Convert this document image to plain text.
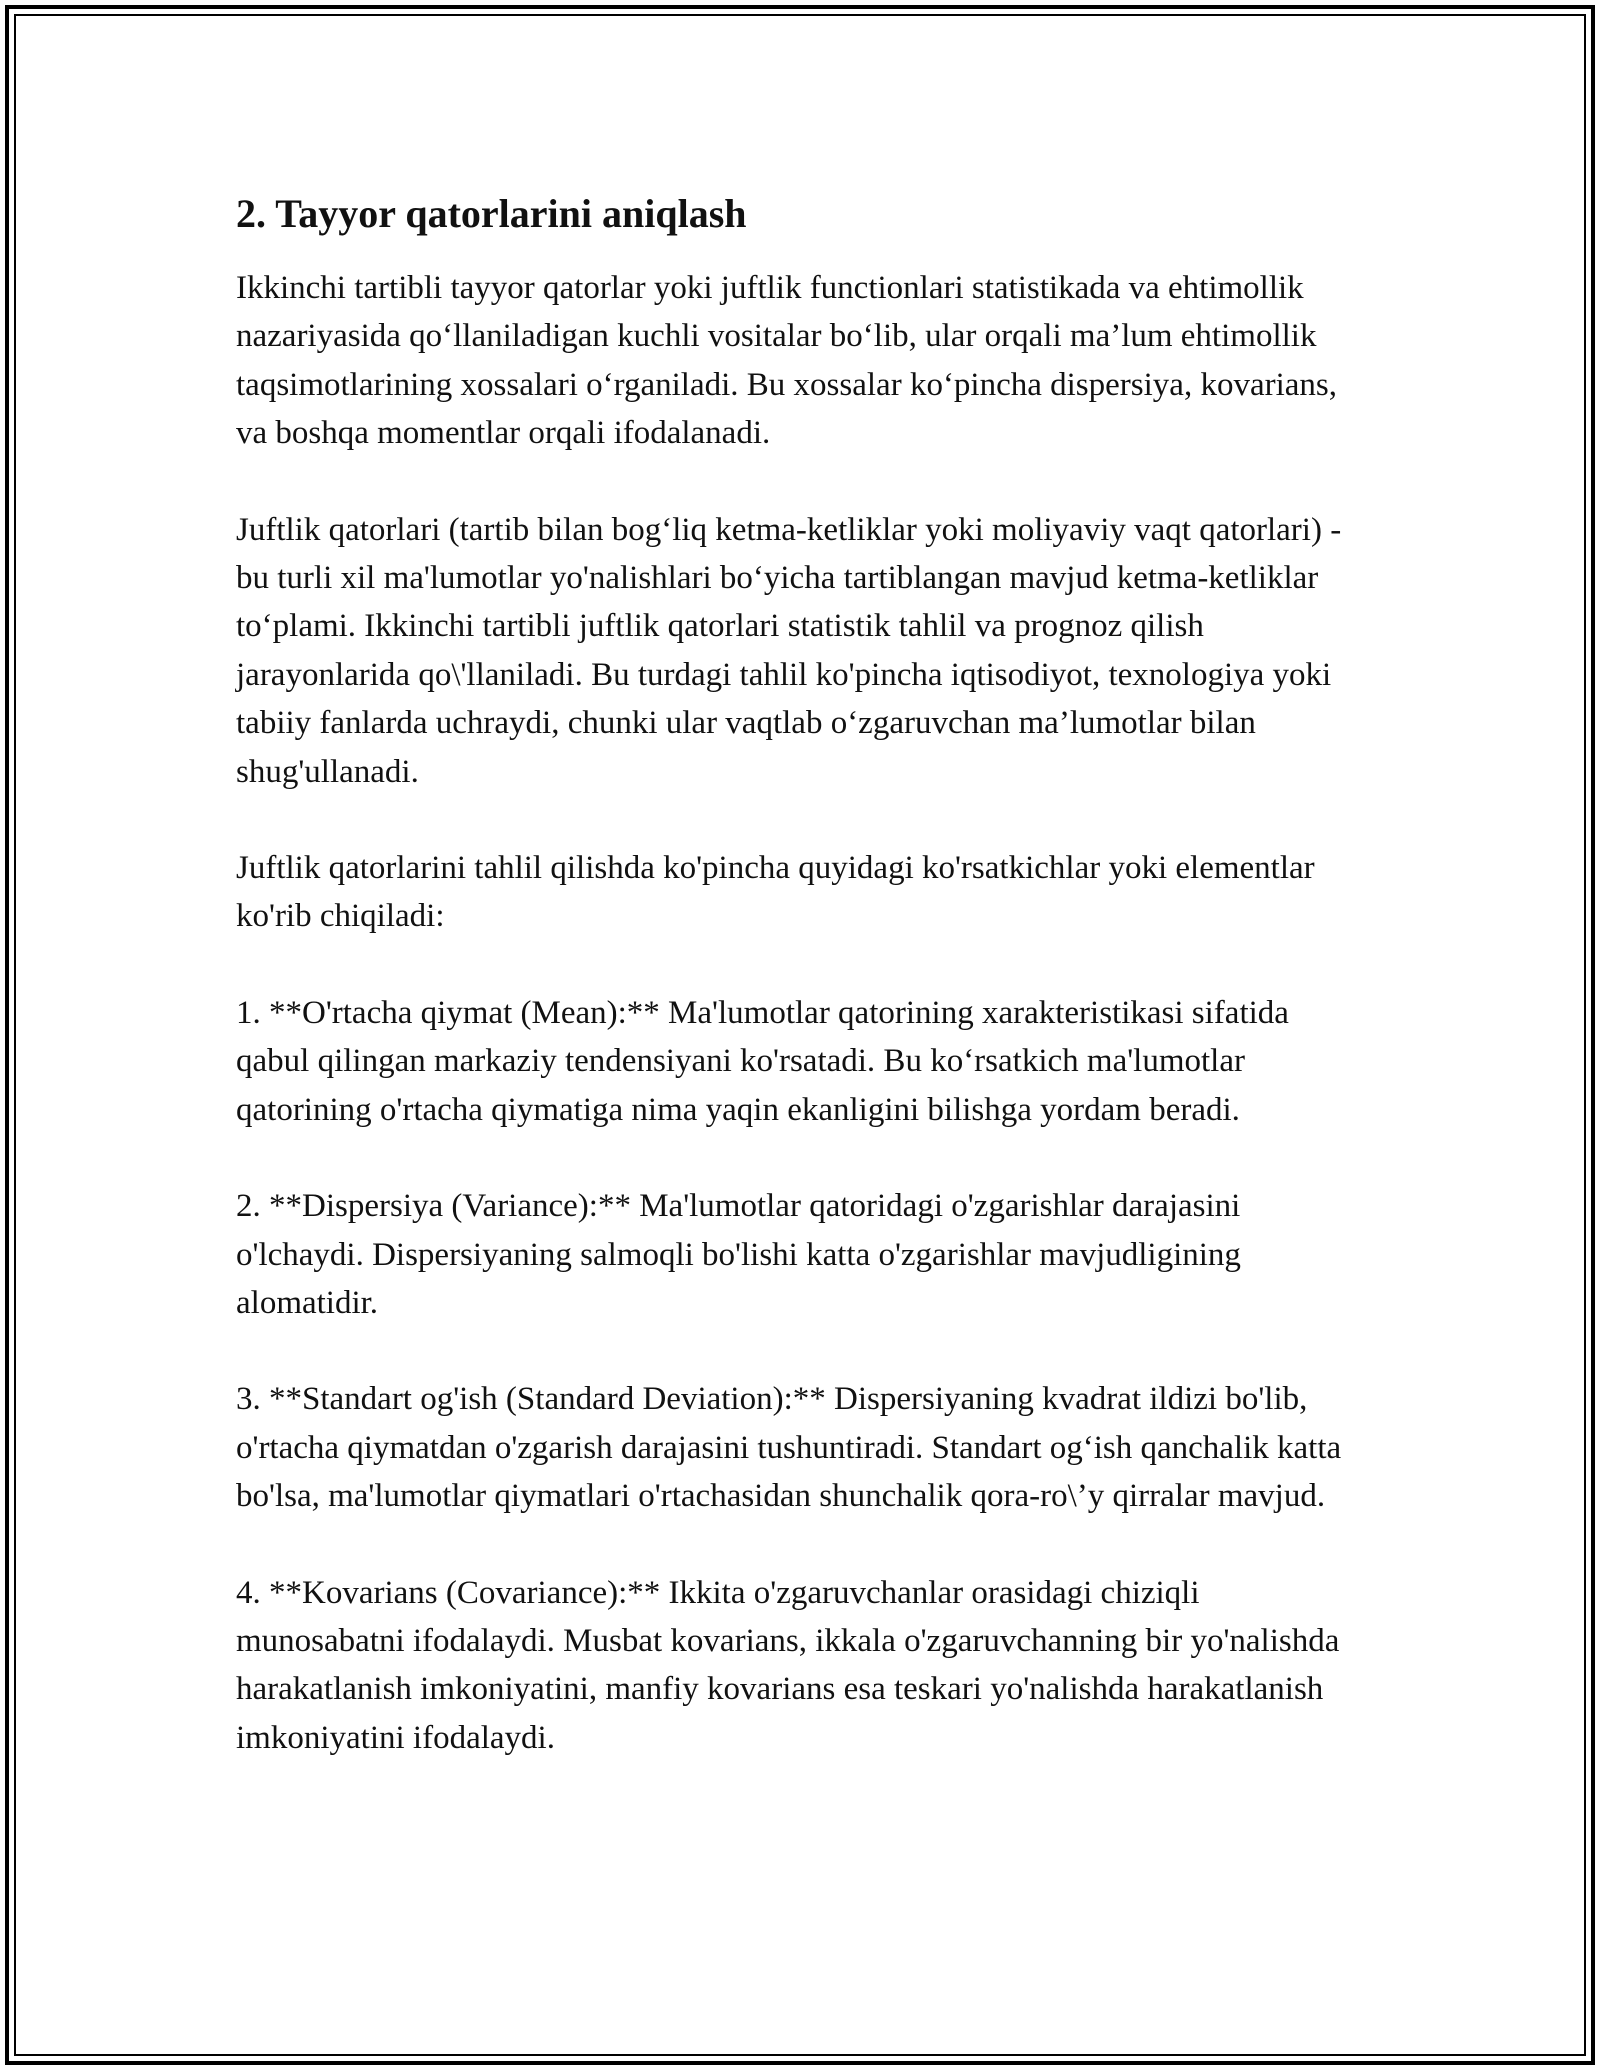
2. Tayyor qatorlarini aniqlash

Ikkinchi tartibli tayyor qatorlar yoki juftlik functionlari statistikada va ehtimollik nazariyasida qo‘llaniladigan kuchli vositalar bo‘lib, ular orqali ma’lum ehtimollik taqsimotlarining xossalari o‘rganiladi. Bu xossalar ko‘pincha dispersiya, kovarians, va boshqa momentlar orqali ifodalanadi.

Juftlik qatorlari (tartib bilan bog‘liq ketma-ketliklar yoki moliyaviy vaqt qatorlari) - bu turli xil ma'lumotlar yo'nalishlari bo‘yicha tartiblangan mavjud ketma-ketliklar to‘plami. Ikkinchi tartibli juftlik qatorlari statistik tahlil va prognoz qilish jarayonlarida qo\'llaniladi. Bu turdagi tahlil ko'pincha iqtisodiyot, texnologiya yoki tabiiy fanlarda uchraydi, chunki ular vaqtlab o‘zgaruvchan ma’lumotlar bilan shug'ullanadi.

Juftlik qatorlarini tahlil qilishda ko'pincha quyidagi ko'rsatkichlar yoki elementlar ko'rib chiqiladi:

1. **O'rtacha qiymat (Mean):** Ma'lumotlar qatorining xarakteristikasi sifatida qabul qilingan markaziy tendensiyani ko'rsatadi. Bu ko‘rsatkich ma'lumotlar qatorining o'rtacha qiymatiga nima yaqin ekanligini bilishga yordam beradi.

2. **Dispersiya (Variance):** Ma'lumotlar qatoridagi o'zgarishlar darajasini o'lchaydi. Dispersiyaning salmoqli bo'lishi katta o'zgarishlar mavjudligining alomatidir.

3. **Standart og'ish (Standard Deviation):** Dispersiyaning kvadrat ildizi bo'lib, o'rtacha qiymatdan o'zgarish darajasini tushuntiradi. Standart og‘ish qanchalik katta bo'lsa, ma'lumotlar qiymatlari o'rtachasidan shunchalik qora-ro\’y qirralar mavjud.

4. **Kovarians (Covariance):** Ikkita o'zgaruvchanlar orasidagi chiziqli munosabatni ifodalaydi. Musbat kovarians, ikkala o'zgaruvchanning bir yo'nalishda harakatlanish imkoniyatini, manfiy kovarians esa teskari yo'nalishda harakatlanish imkoniyatini ifodalaydi.
